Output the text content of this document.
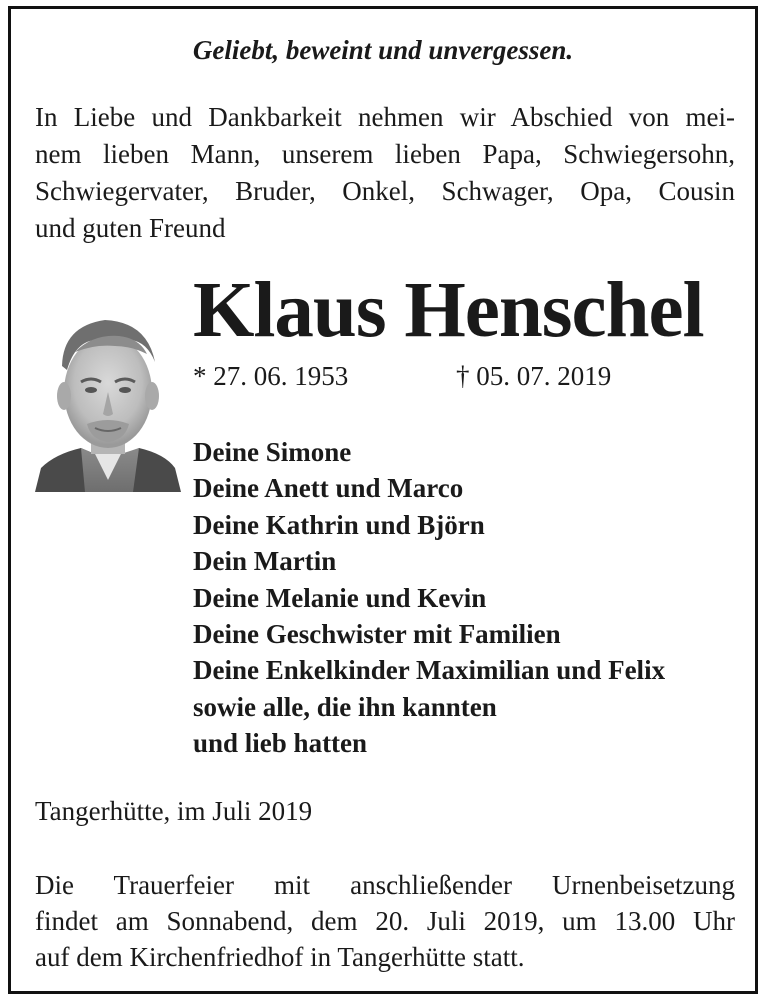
Geliebt, beweint und unvergessen.
In Liebe und Dankbarkeit nehmen wir Abschied von mei-
nem lieben Mann, unserem lieben Papa, Schwiegersohn,
Schwiegervater, Bruder, Onkel, Schwager, Opa, Cousin
und guten Freund
Klaus Henschel
* 27. 06. 1953	† 05. 07. 2019
Deine Simone
Deine Anett und Marco
Deine Kathrin und Björn
Dein Martin
Deine Melanie und Kevin
Deine Geschwister mit Familien
Deine Enkelkinder Maximilian und Felix
sowie alle, die ihn kannten
und lieb hatten
Tangerhütte, im Juli 2019
Die Trauerfeier mit anschließender Urnenbeisetzung
findet am Sonnabend, dem 20. Juli 2019, um 13.00 Uhr
auf dem Kirchenfriedhof in Tangerhütte statt.
